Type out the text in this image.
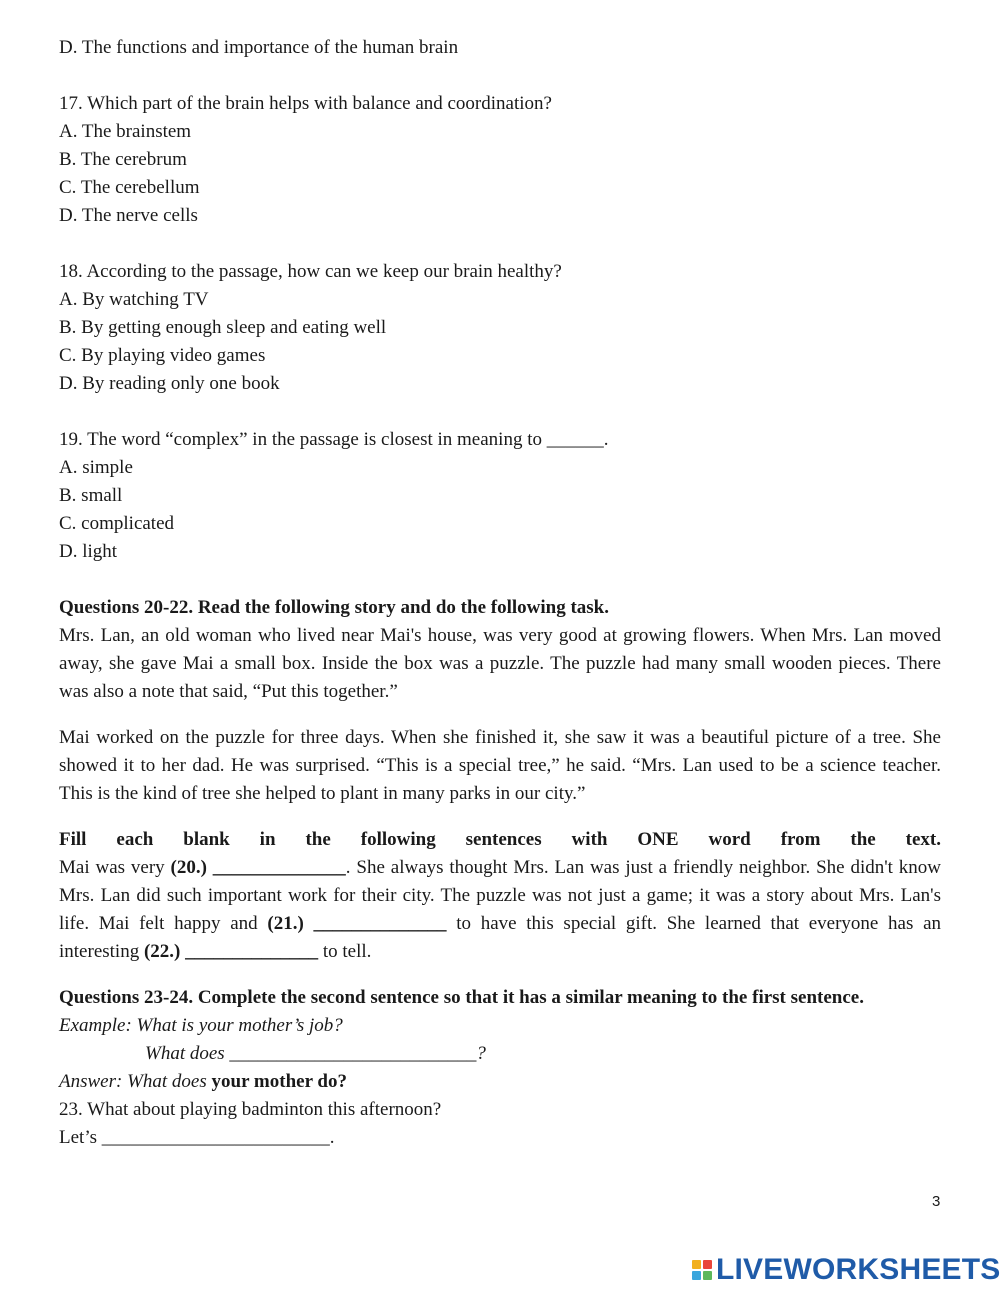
D. The functions and importance of the human brain
17. Which part of the brain helps with balance and coordination?
A. The brainstem
B. The cerebrum
C. The cerebellum
D. The nerve cells
18. According to the passage, how can we keep our brain healthy?
A. By watching TV
B. By getting enough sleep and eating well
C. By playing video games
D. By reading only one book
19. The word “complex” in the passage is closest in meaning to ______.
A. simple
B. small
C. complicated
D. light
Questions 20-22. Read the following story and do the following task.
Mrs. Lan, an old woman who lived near Mai's house, was very good at growing flowers. When Mrs. Lan moved away, she gave Mai a small box. Inside the box was a puzzle. The puzzle had many small wooden pieces. There was also a note that said, “Put this together.”
Mai worked on the puzzle for three days. When she finished it, she saw it was a beautiful picture of a tree. She showed it to her dad. He was surprised. “This is a special tree,” he said. “Mrs. Lan used to be a science teacher. This is the kind of tree she helped to plant in many parks in our city.”
Fill each blank in the following sentences with ONE word from the text.
Mai was very (20.) ______________. She always thought Mrs. Lan was just a friendly neighbor. She didn't know Mrs. Lan did such important work for their city. The puzzle was not just a game; it was a story about Mrs. Lan's life. Mai felt happy and (21.) ______________ to have this special gift. She learned that everyone has an interesting (22.) ______________ to tell.
Questions 23-24. Complete the second sentence so that it has a similar meaning to the first sentence.
Example: What is your mother’s job?
What does __________________________?
Answer: What does your mother do?
23. What about playing badminton this afternoon?
Let’s ________________________.
3
LIVEWORKSHEETS
